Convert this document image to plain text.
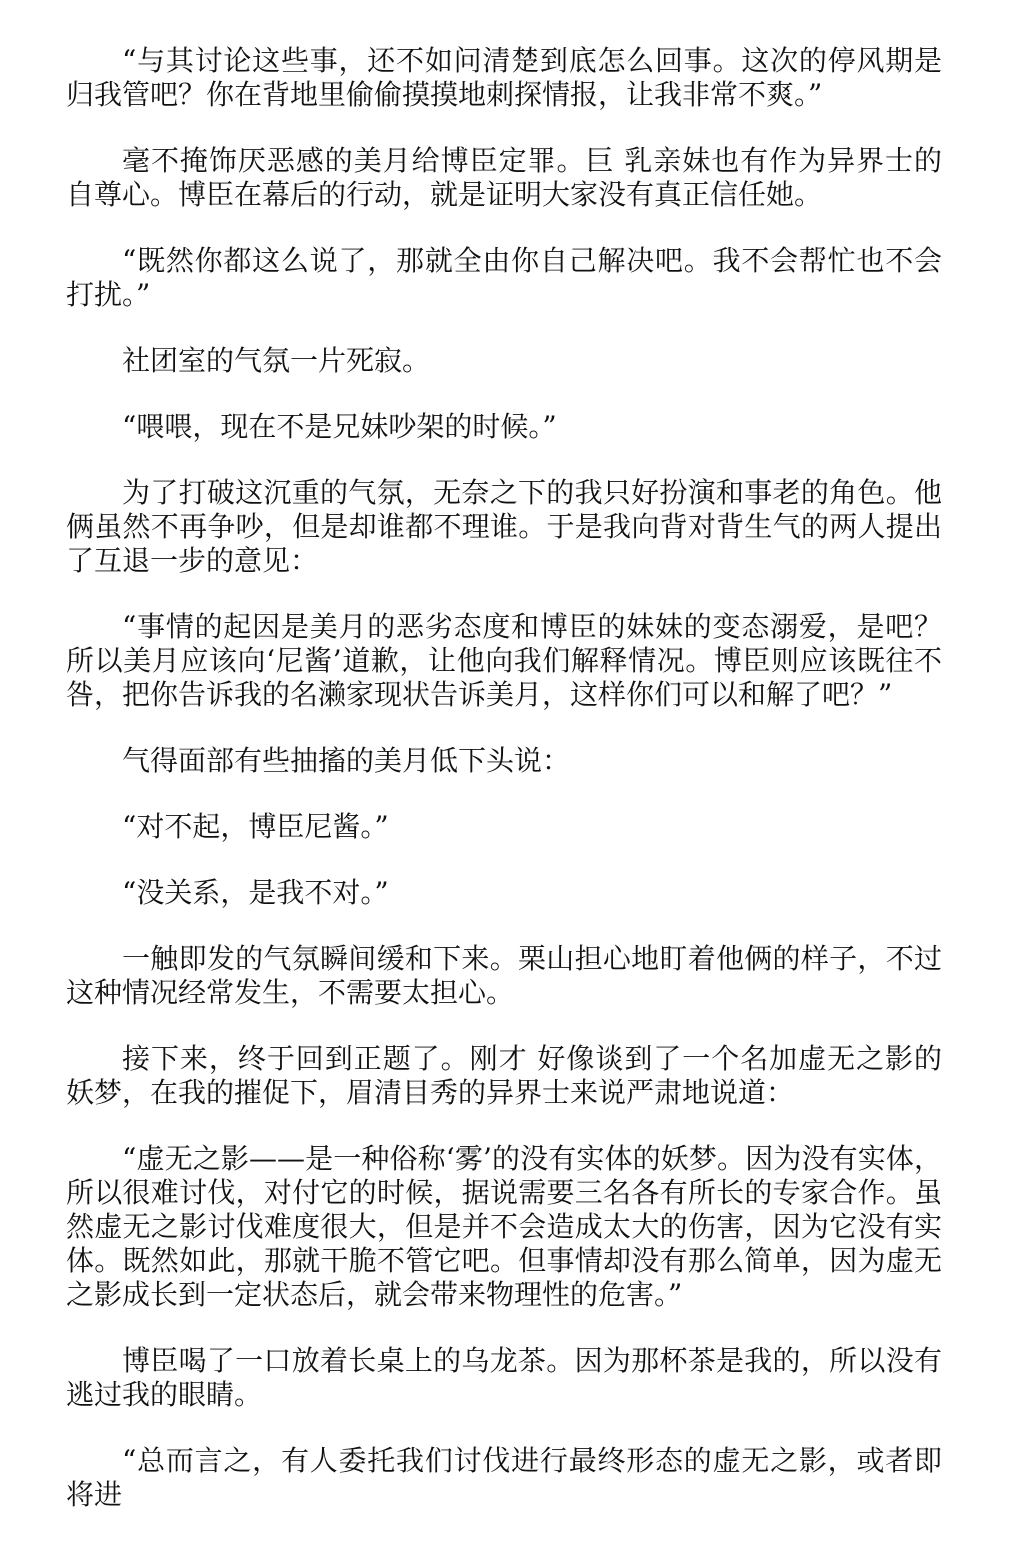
“与其讨论这些事，还不如问清楚到底怎么回事。这次的停风期是归我管吧？你在背地里偷偷摸摸地刺探情报，让我非常不爽。”

毫不掩饰厌恶感的美月给博臣定罪。巨 乳亲妹也有作为异界士的自尊心。博臣在幕后的行动，就是证明大家没有真正信任她。

“既然你都这么说了，那就全由你自己解决吧。我不会帮忙也不会打扰。”

社团室的气氛一片死寂。

“喂喂，现在不是兄妹吵架的时候。”

为了打破这沉重的气氛，无奈之下的我只好扮演和事老的角色。他俩虽然不再争吵，但是却谁都不理谁。于是我向背对背生气的两人提出了互退一步的意见：

“事情的起因是美月的恶劣态度和博臣的妹妹的变态溺爱，是吧？所以美月应该向‘尼酱’道歉，让他向我们解释情况。博臣则应该既往不咎，把你告诉我的名濑家现状告诉美月，这样你们可以和解了吧？”

气得面部有些抽搐的美月低下头说：

“对不起，博臣尼酱。”

“没关系，是我不对。”

一触即发的气氛瞬间缓和下来。栗山担心地盯着他俩的样子，不过这种情况经常发生，不需要太担心。

接下来，终于回到正题了。刚才 好像谈到了一个名加虚无之影的妖梦，在我的摧促下，眉清目秀的异界士来说严肃地说道：

“虚无之影——是一种俗称‘雾’的没有实体的妖梦。因为没有实体，所以很难讨伐，对付它的时候，据说需要三名各有所长的专家合作。虽然虚无之影讨伐难度很大，但是并不会造成太大的伤害，因为它没有实体。既然如此，那就干脆不管它吧。但事情却没有那么简单，因为虚无之影成长到一定状态后，就会带来物理性的危害。”

博臣喝了一口放着长桌上的乌龙茶。因为那杯茶是我的，所以没有逃过我的眼睛。

“总而言之，有人委托我们讨伐进行最终形态的虚无之影，或者即将进
